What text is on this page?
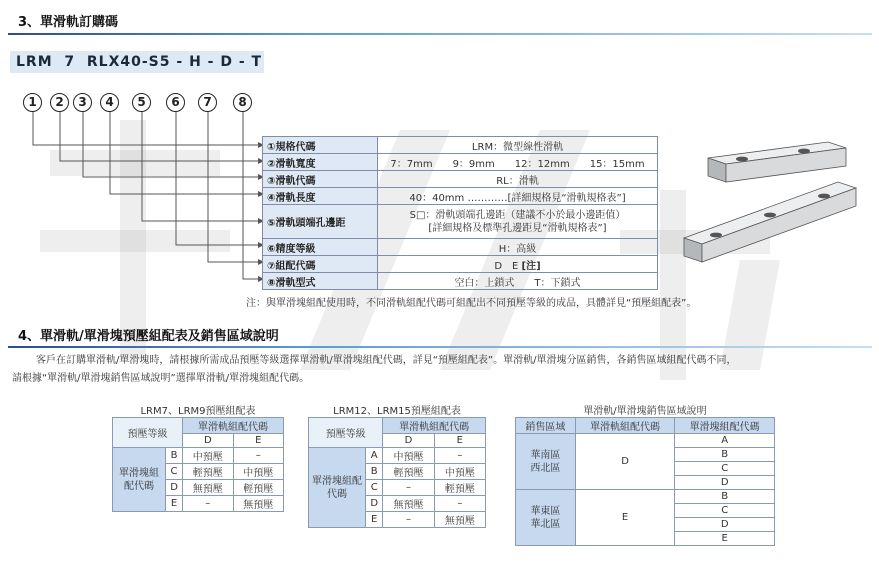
3、單滑軌訂購碼
LRM 7 RLX40-S5 - H - D - T
1	2	3	4	5	6	7	8
①規格代碼	LRM：微型線性滑軌
②滑軌寬度	7：7mm　　9：9mm　　12：12mm　　15：15mm
③滑軌代碼	RL：滑軌
④滑軌長度	40：40mm …………[詳細規格見“滑軌規格表”]
⑤滑軌頭端孔邊距	S□：滑軌頭端孔邊距（建議不小於最小邊距值）
[詳細規格及標準孔邊距見“滑軌規格表”]

⑥精度等級	H：高級
⑦組配代碼	D　E [注]
⑧滑軌型式	空白：上鎖式　　T：下鎖式
注：與單滑塊組配使用時，不同滑軌組配代碼可組配出不同預壓等級的成品，具體詳見“預壓組配表”。
4、單滑軌/單滑塊預壓組配表及銷售區域說明
客戶在訂購單滑軌/單滑塊時，請根據所需成品預壓等級選擇單滑軌/單滑塊組配代碼，詳見“預壓組配表”。單滑軌/單滑塊分區銷售，各銷售區域組配代碼不同，
請根據“單滑軌/單滑塊銷售區域說明”選擇單滑軌/單滑塊組配代碼。
LRM7、LRM9預壓組配表
預壓等級		單滑軌組配代碼	
		D	E
單滑塊組配代碼	B	中預壓	–
	C	輕預壓	中預壓
	D	無預壓	輕預壓
	E	–	無預壓
LRM12、LRM15預壓組配表
預壓等級		單滑軌組配代碼	
		D	E
單滑塊組配代碼	A	中預壓	–
	B	輕預壓	中預壓
	C	–	輕預壓
	D	無預壓	–
	E	–	無預壓
單滑軌/單滑塊銷售區域說明
銷售區域	單滑軌組配代碼	單滑塊組配代碼

華南區
西北區	D	A
		B
		C
		D

華東區
華北區	E	B
		C
		D
		E
